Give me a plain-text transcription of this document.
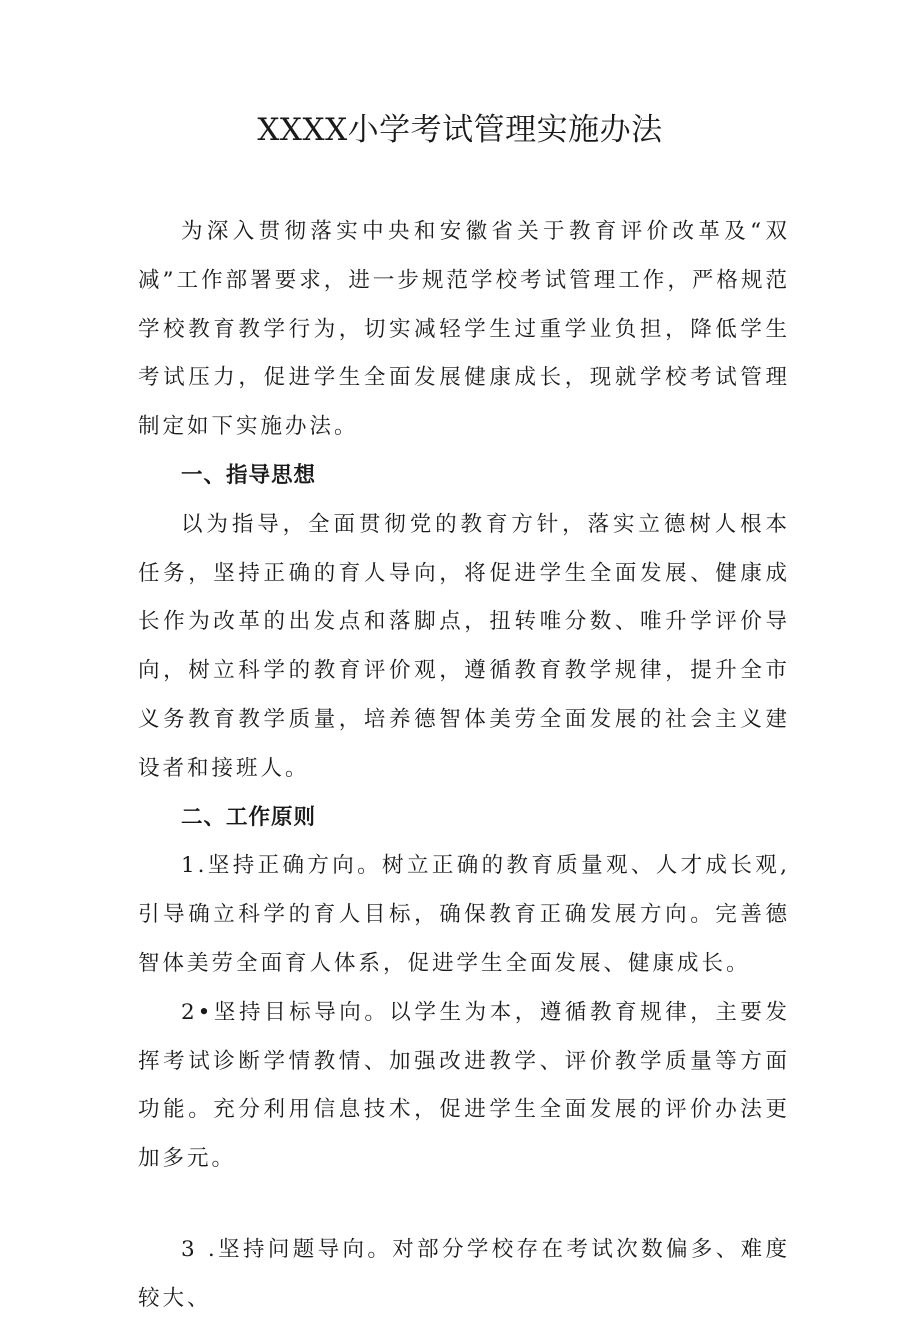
XXXX小学考试管理实施办法

为深入贯彻落实中央和安徽省关于教育评价改革及“双减”工作部署要求，进一步规范学校考试管理工作，严格规范学校教育教学行为，切实减轻学生过重学业负担，降低学生考试压力，促进学生全面发展健康成长，现就学校考试管理制定如下实施办法。

一、指导思想

以为指导，全面贯彻党的教育方针，落实立德树人根本任务，坚持正确的育人导向，将促进学生全面发展、健康成长作为改革的出发点和落脚点，扭转唯分数、唯升学评价导向，树立科学的教育评价观，遵循教育教学规律，提升全市义务教育教学质量，培养德智体美劳全面发展的社会主义建设者和接班人。

二、工作原则

1.坚持正确方向。树立正确的教育质量观、人才成长观,引导确立科学的育人目标，确保教育正确发展方向。完善德智体美劳全面育人体系，促进学生全面发展、健康成长。

2•坚持目标导向。以学生为本，遵循教育规律，主要发挥考试诊断学情教情、加强改进教学、评价教学质量等方面功能。充分利用信息技术，促进学生全面发展的评价办法更加多元。

3 .坚持问题导向。对部分学校存在考试次数偏多、难度较大、
